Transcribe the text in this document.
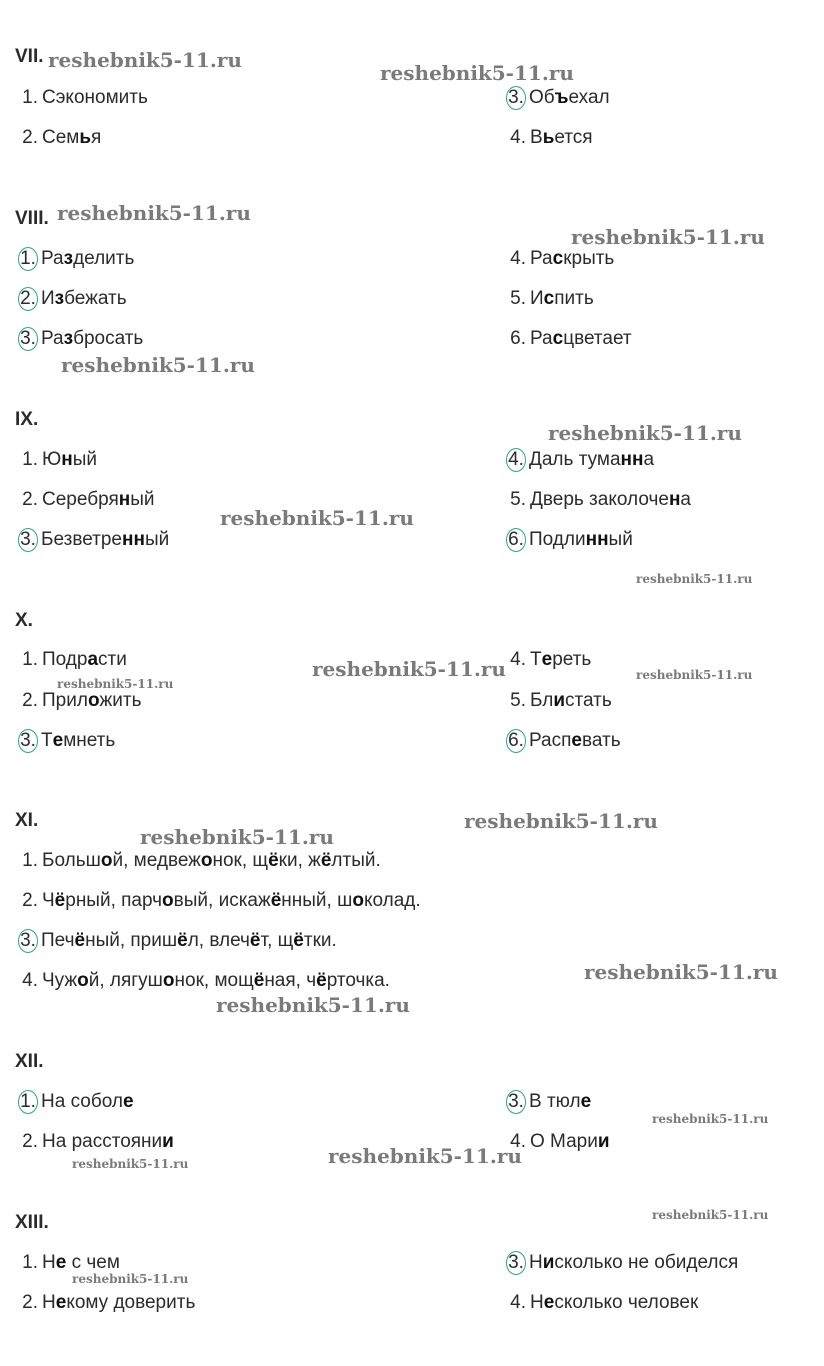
VII.
VIII.
IX.
X.
XI.
XII.
XIII.
1. Сэкономить
2. Семья
3. Объехал
4. Вьется
1. Разделить
2. Избежать
3. Разбросать
4. Раскрыть
5. Испить
6. Расцветает
1. Юный
2. Серебряный
3. Безветренный
4. Даль туманна
5. Дверь заколочена
6. Подлинный
1. Подрасти
2. Приложить
3. Темнеть
4. Тереть
5. Блистать
6. Распевать
1. Большой, медвежонок, щёки, жёлтый.
2. Чёрный, парчовый, искажённый, шоколад.
3. Печёный, пришёл, влечёт, щётки.
4. Чужой, лягушонок, мощёная, чёрточка.
1. На соболе
2. На расстоянии
3. В тюле
4. О Марии
1. Не с чем
2. Некому доверить
3. Нисколько не обиделся
4. Несколько человек
reshebnik5-11.ru
reshebnik5-11.ru
reshebnik5-11.ru
reshebnik5-11.ru
reshebnik5-11.ru
reshebnik5-11.ru
reshebnik5-11.ru
reshebnik5-11.ru
reshebnik5-11.ru
reshebnik5-11.ru
reshebnik5-11.ru
reshebnik5-11.ru
reshebnik5-11.ru
reshebnik5-11.ru
reshebnik5-11.ru
reshebnik5-11.ru
reshebnik5-11.ru
reshebnik5-11.ru
reshebnik5-11.ru
reshebnik5-11.ru
